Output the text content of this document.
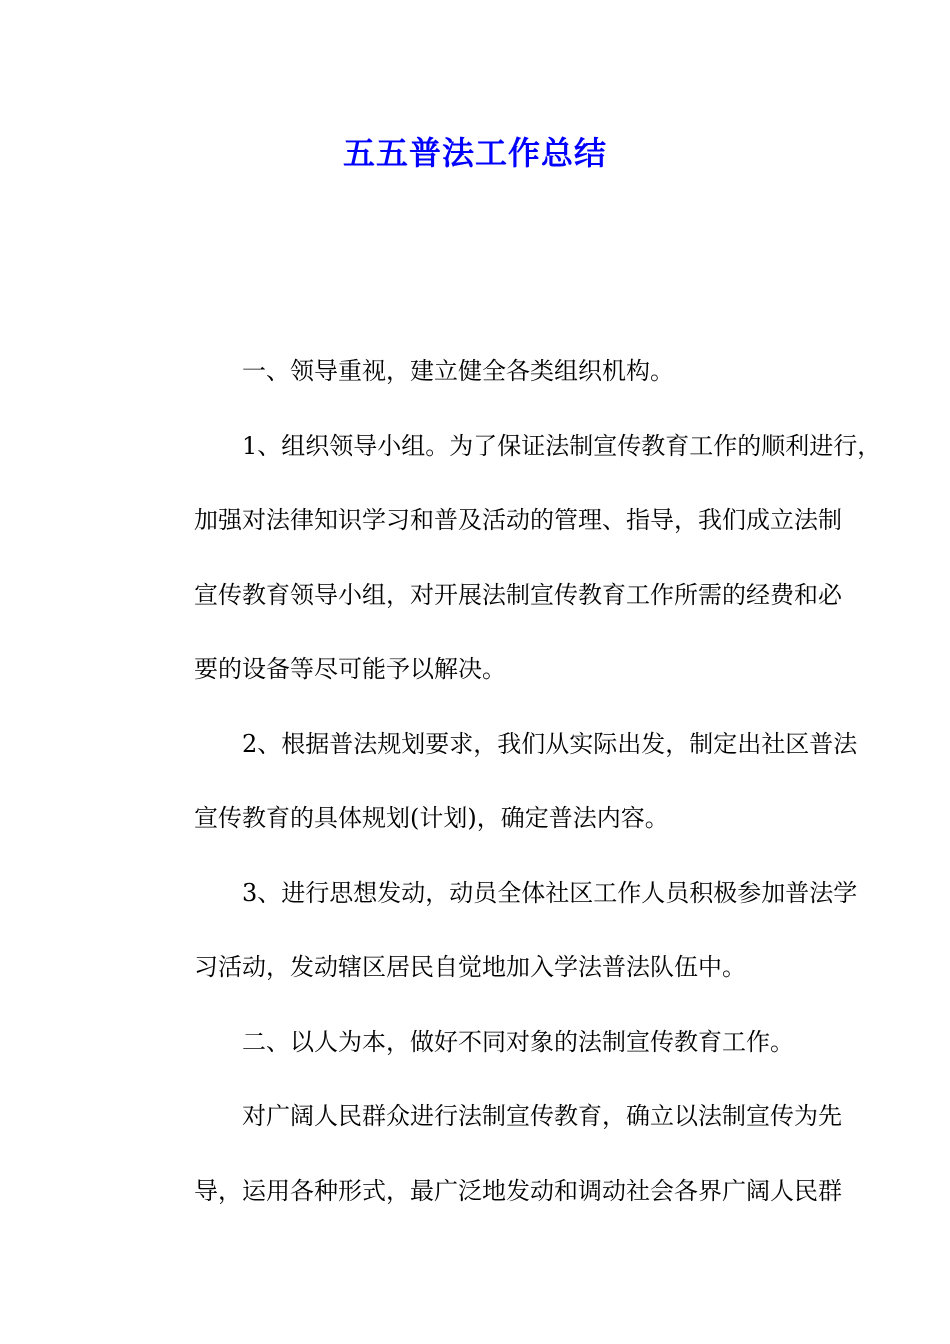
五五普法工作总结
一、领导重视，建立健全各类组织机构。
1、组织领导小组。为了保证法制宣传教育工作的顺利进行，
加强对法律知识学习和普及活动的管理、指导，我们成立法制
宣传教育领导小组，对开展法制宣传教育工作所需的经费和必
要的设备等尽可能予以解决。
2、根据普法规划要求，我们从实际出发，制定出社区普法
宣传教育的具体规划(计划)，确定普法内容。
3、进行思想发动，动员全体社区工作人员积极参加普法学
习活动，发动辖区居民自觉地加入学法普法队伍中。
二、以人为本，做好不同对象的法制宣传教育工作。
对广阔人民群众进行法制宣传教育，确立以法制宣传为先
导，运用各种形式，最广泛地发动和调动社会各界广阔人民群
